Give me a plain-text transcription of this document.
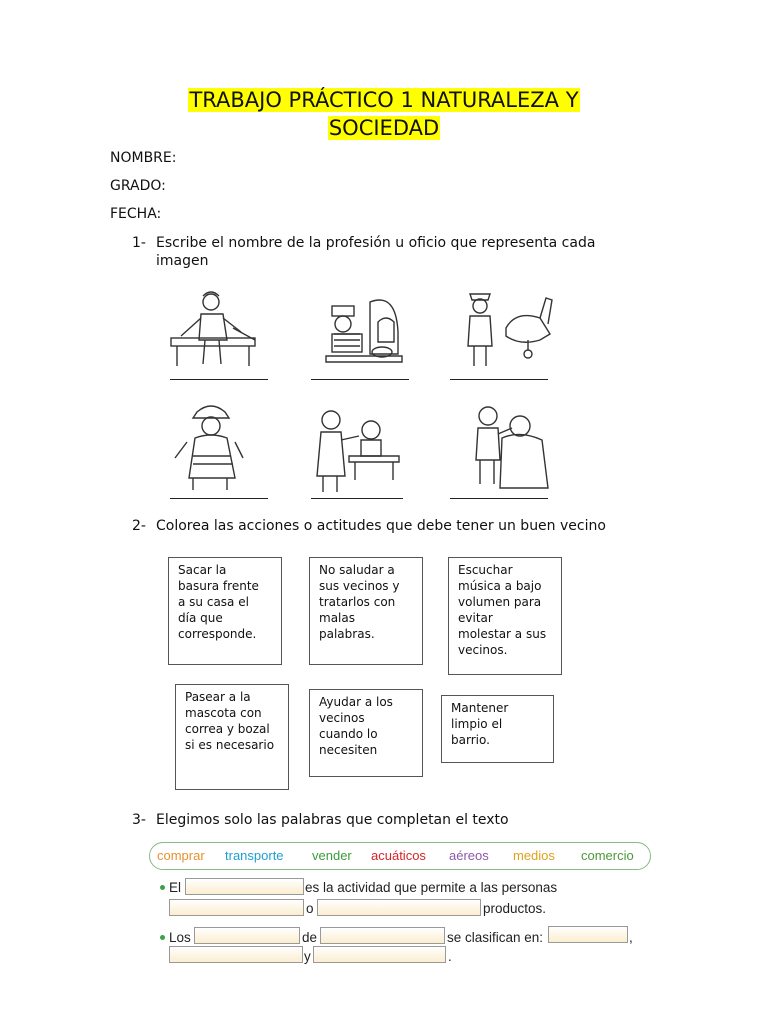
TRABAJO PRÁCTICO 1 NATURALEZA Y
SOCIEDAD
NOMBRE:
GRADO:
FECHA:
1- Escribe el nombre de la profesión u oficio que representa cada
imagen
2- Colorea las acciones o actitudes que debe tener un buen vecino
Sacar la
basura frente
a su casa el
día que
corresponde.
No saludar a
sus vecinos y
tratarlos con
malas
palabras.
Escuchar
música a bajo
volumen para
evitar
molestar a sus
vecinos.
Pasear a la
mascota con
correa y bozal
si es necesario
Ayudar a los
vecinos
cuando lo
necesiten
Mantener
limpio el
barrio.
3- Elegimos solo las palabras que completan el texto
comprar transporte vender acuáticos aéreos medios comercio
El	es la actividad que permite a las personas
o	productos.
Los	de	se clasifican en:	,
y	.
